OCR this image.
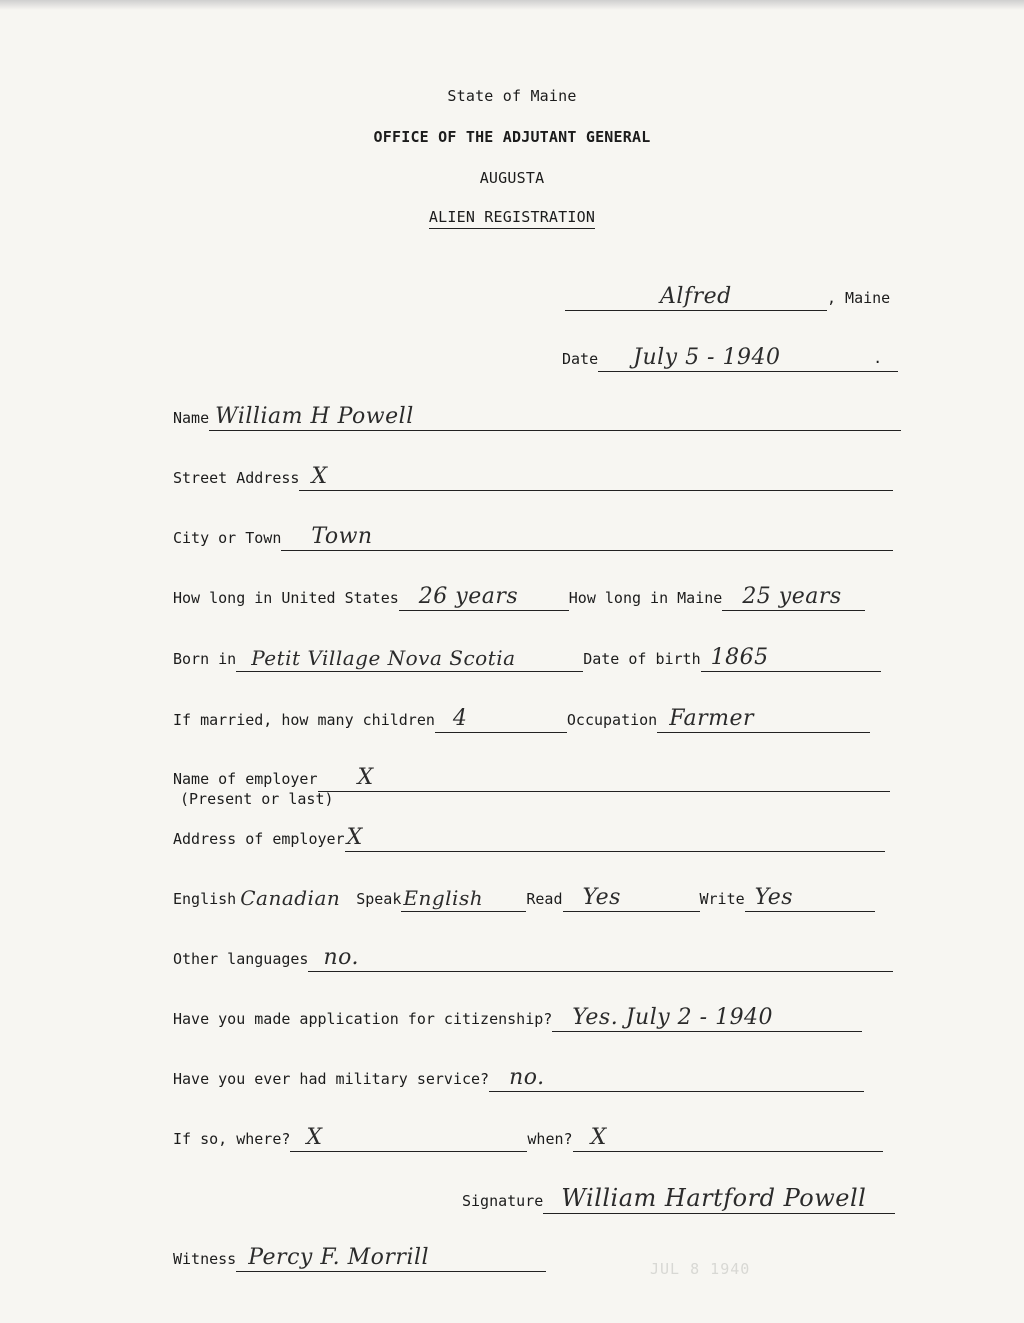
State of Maine
OFFICE OF THE ADJUTANT GENERAL
AUGUSTA
ALIEN REGISTRATION
Alfred	, Maine
Date July 5 - 1940	.
Name William H Powell
Street Address X
City or Town Town
How long in United States 26 years	How long in Maine 25 years
Born in Petit Village Nova Scotia	Date of birth 1865
If married, how many children 4	Occupation Farmer
Name of employer X
(Present or last)
Address of employer X
English Canadian Speak English	Read Yes	Write Yes
Other languages no.
Have you made application for citizenship? Yes. July 2 - 1940
Have you ever had military service? no.
If so, where? X	when? X
Signature William Hartford Powell
Witness Percy F. Morrill	JUL 8 1940
